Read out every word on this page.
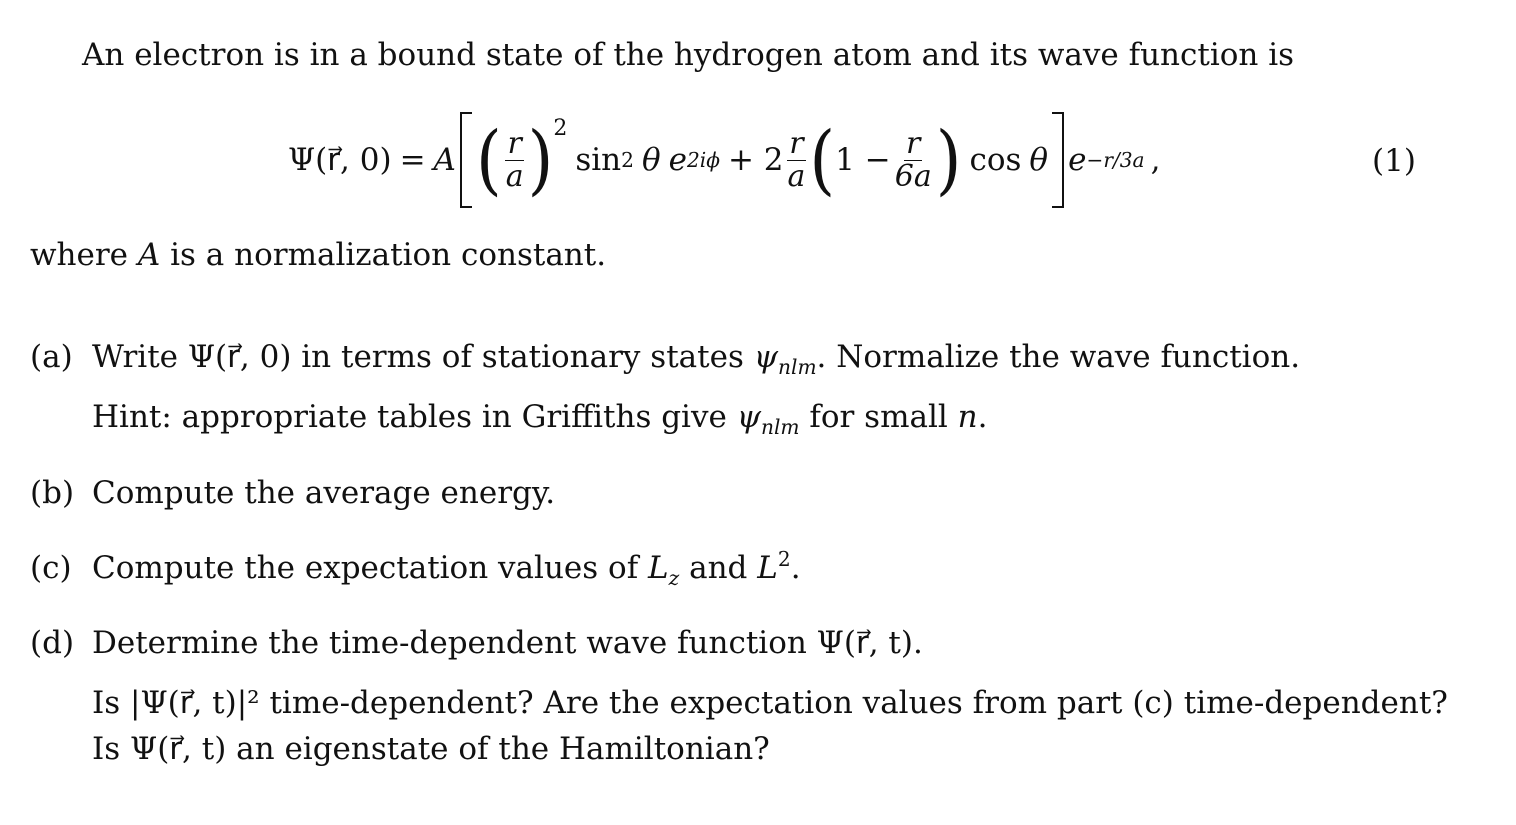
An electron is in a bound state of the hydrogen atom and its wave function is
Ψ(r⃗, 0) = A ( $\frac{r}{a}$ ) 2
sin 2 θ e $2i\phi + 2 \frac{r}{a}$ ( $1 - \frac{r}{6a}$ ) cos θ e −r/3a ,	(1)
where A is a normalization constant.
(a) Write Ψ(r⃗, 0) in terms of stationary states $\psi_{nlm}$. Normalize the wave function.
Hint: appropriate tables in Griffiths give $\psi_{nlm}$ for small n.
(b) Compute the average energy.
(c) Compute the expectation values of $L_z$ and $L^2$.
(d) Determine the time-dependent wave function Ψ(r⃗, t).
Is |Ψ(r⃗, t)|² time-dependent? Are the expectation values from part (c) time-dependent?
Is Ψ(r⃗, t) an eigenstate of the Hamiltonian?
